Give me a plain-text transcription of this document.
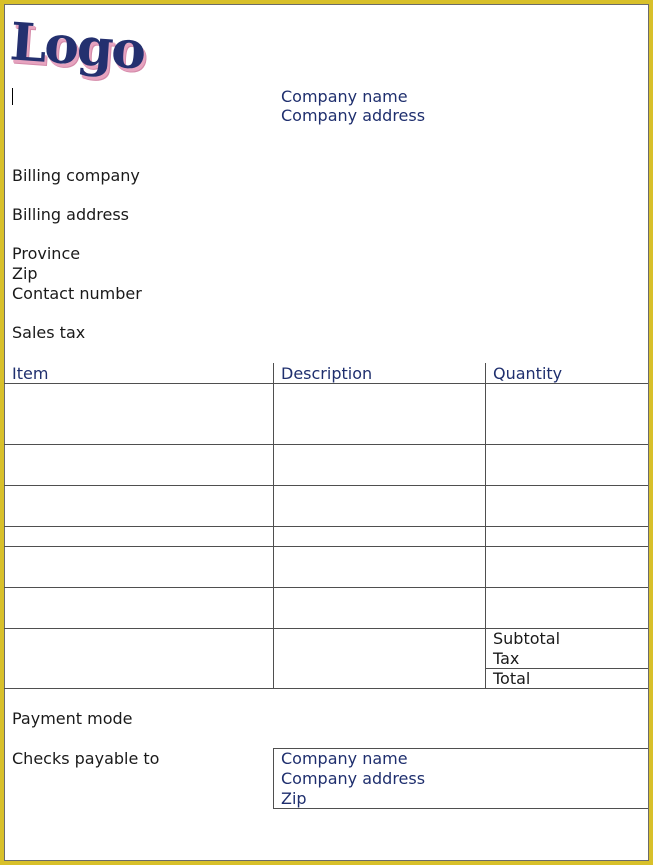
Logo
Company name
Company address
Billing company
Billing address
Province
Zip
Contact number
Sales tax
Item	Description	Quantity
Subtotal
Tax
Total
Payment mode
Checks payable to	Company name
Company address
Zip
